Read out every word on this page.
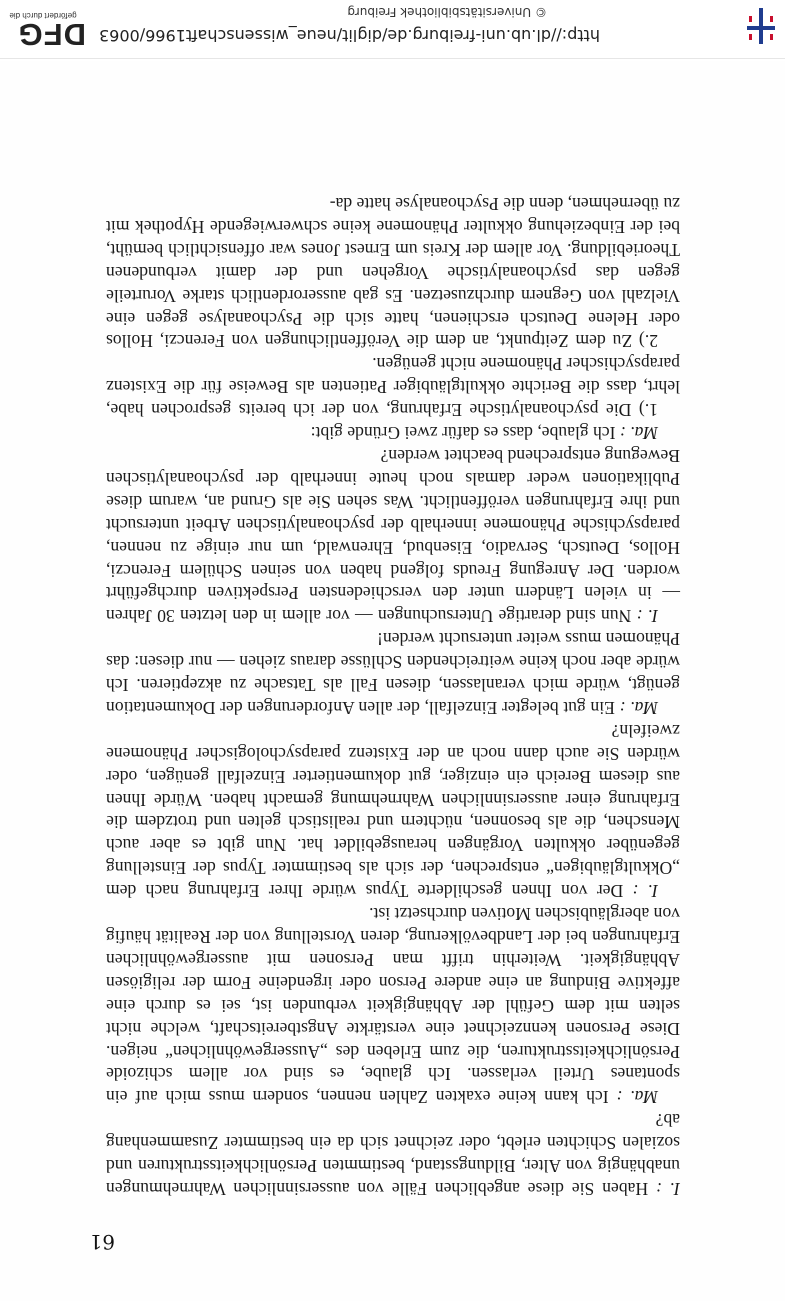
61

I. : Haben Sie diese angeblichen Fälle von aussersinnlichen Wahrnehmungen unabhängig von Alter, Bildungsstand, bestimmten Persönlichkeitsstrukturen und sozialen Schichten erlebt, oder zeichnet sich da ein bestimmter Zusammenhang ab?

Ma. : Ich kann keine exakten Zahlen nennen, sondern muss mich auf ein spontanes Urteil verlassen. Ich glaube, es sind vor allem schizoide Persönlichkeitsstrukturen, die zum Erleben des „Aussergewöhnlichen“ neigen. Diese Personen kennzeichnet eine verstärkte Angstbereitschaft, welche nicht selten mit dem Gefühl der Abhängigkeit verbunden ist, sei es durch eine affektive Bindung an eine andere Person oder irgendeine Form der religiösen Abhängigkeit. Weiterhin trifft man Personen mit aussergewöhnlichen Erfahrungen bei der Landbevölkerung, deren Vorstellung von der Realität häufig von abergläubischen Motiven durchsetzt ist.

I. : Der von Ihnen geschilderte Typus würde Ihrer Erfahrung nach dem „Okkultgläubigen“ entsprechen, der sich als bestimmter Typus der Einstellung gegenüber okkulten Vorgängen herausgebildet hat. Nun gibt es aber auch Menschen, die als besonnen, nüchtern und realistisch gelten und trotzdem die Erfahrung einer aussersinnlichen Wahrnehmung gemacht haben. Würde Ihnen aus diesem Bereich ein einziger, gut dokumentierter Einzelfall genügen, oder würden Sie auch dann noch an der Existenz parapsychologischer Phänomene zweifeln?

Ma. : Ein gut belegter Einzelfall, der allen Anforderungen der Dokumentation genügt, würde mich veranlassen, diesen Fall als Tatsache zu akzeptieren. Ich würde aber noch keine weitreichenden Schlüsse daraus ziehen — nur diesen: das Phänomen muss weiter untersucht werden!

I. : Nun sind derartige Untersuchungen — vor allem in den letzten 30 Jahren — in vielen Ländern unter den verschiedensten Perspektiven durchgeführt worden. Der Anregung Freuds folgend haben von seinen Schülern Ferenczi, Hollos, Deutsch, Servadio, Eisenbud, Ehrenwald, um nur einige zu nennen, parapsychische Phänomene innerhalb der psychoanalytischen Arbeit untersucht und ihre Erfahrungen veröffentlicht. Was sehen Sie als Grund an, warum diese Publikationen weder damals noch heute innerhalb der psychoanalytischen Bewegung entsprechend beachtet werden?

Ma. : Ich glaube, dass es dafür zwei Gründe gibt:

1.) Die psychoanalytische Erfahrung, von der ich bereits gesprochen habe, lehrt, dass die Berichte okkultgläubiger Patienten als Beweise für die Existenz parapsychischer Phänomene nicht genügen.

2.) Zu dem Zeitpunkt, an dem die Veröffentlichungen von Ferenczi, Hollos oder Helene Deutsch erschienen, hatte sich die Psychoanalyse gegen eine Vielzahl von Gegnern durchzusetzen. Es gab ausserordentlich starke Vorurteile gegen das psychoanalytische Vorgehen und der damit verbundenen Theoriebildung. Vor allem der Kreis um Ernest Jones war offensichtlich bemüht, bei der Einbeziehung okkulter Phänomene keine schwerwiegende Hypothek mit zu übernehmen, denn die Psychoanalyse hatte da-

http://dl.ub.uni-freiburg.de/diglit/neue_wissenschaft1966/0063
© Universitätsbibliothek Freiburg
DFG
gefördert durch die
